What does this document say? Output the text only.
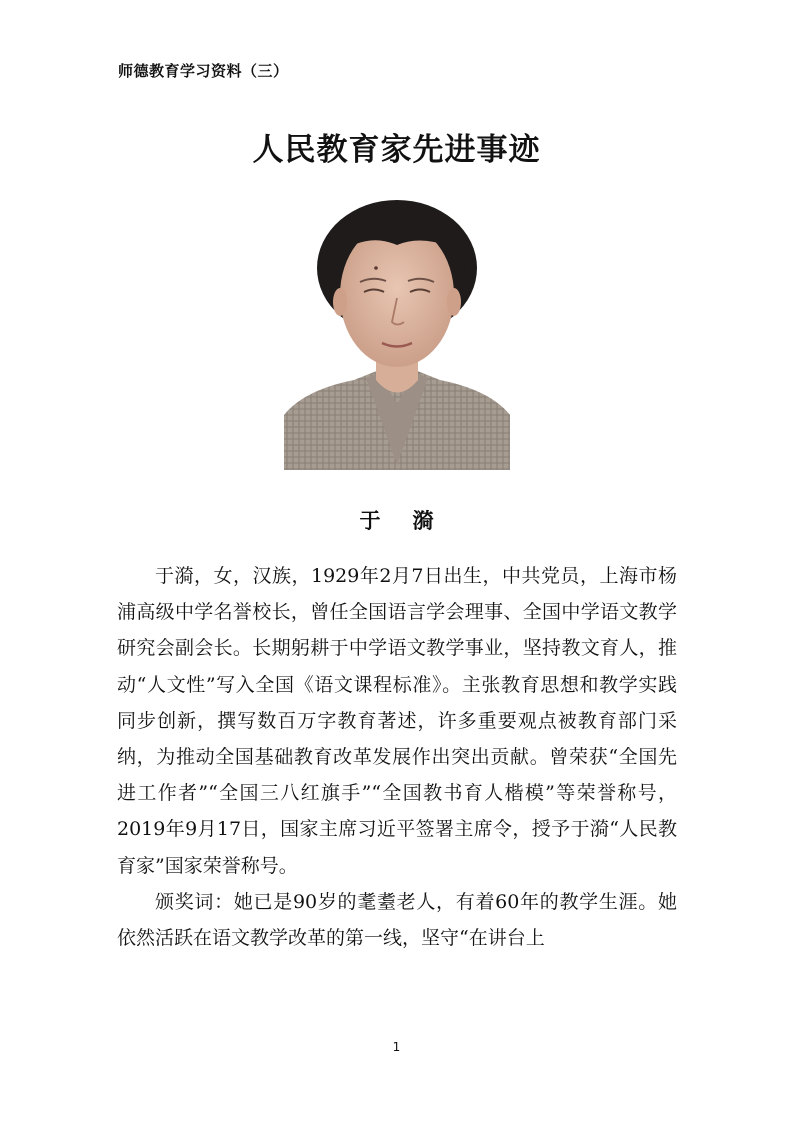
师德教育学习资料（三）
人民教育家先进事迹
于 漪

于漪，女，汉族，1929年2月7日出生，中共党员，上海市杨浦高级中学名誉校长，曾任全国语言学会理事、全国中学语文教学研究会副会长。长期躬耕于中学语文教学事业，坚持教文育人，推动“人文性”写入全国《语文课程标准》。主张教育思想和教学实践同步创新，撰写数百万字教育著述，许多重要观点被教育部门采纳，为推动全国基础教育改革发展作出突出贡献。曾荣获“全国先进工作者”“全国三八红旗手”“全国教书育人楷模”等荣誉称号，2019年9月17日，国家主席习近平签署主席令，授予于漪“人民教育家”国家荣誉称号。

颁奖词：她已是90岁的耄耋老人，有着60年的教学生涯。她依然活跃在语文教学改革的第一线，坚守“在讲台上

1
